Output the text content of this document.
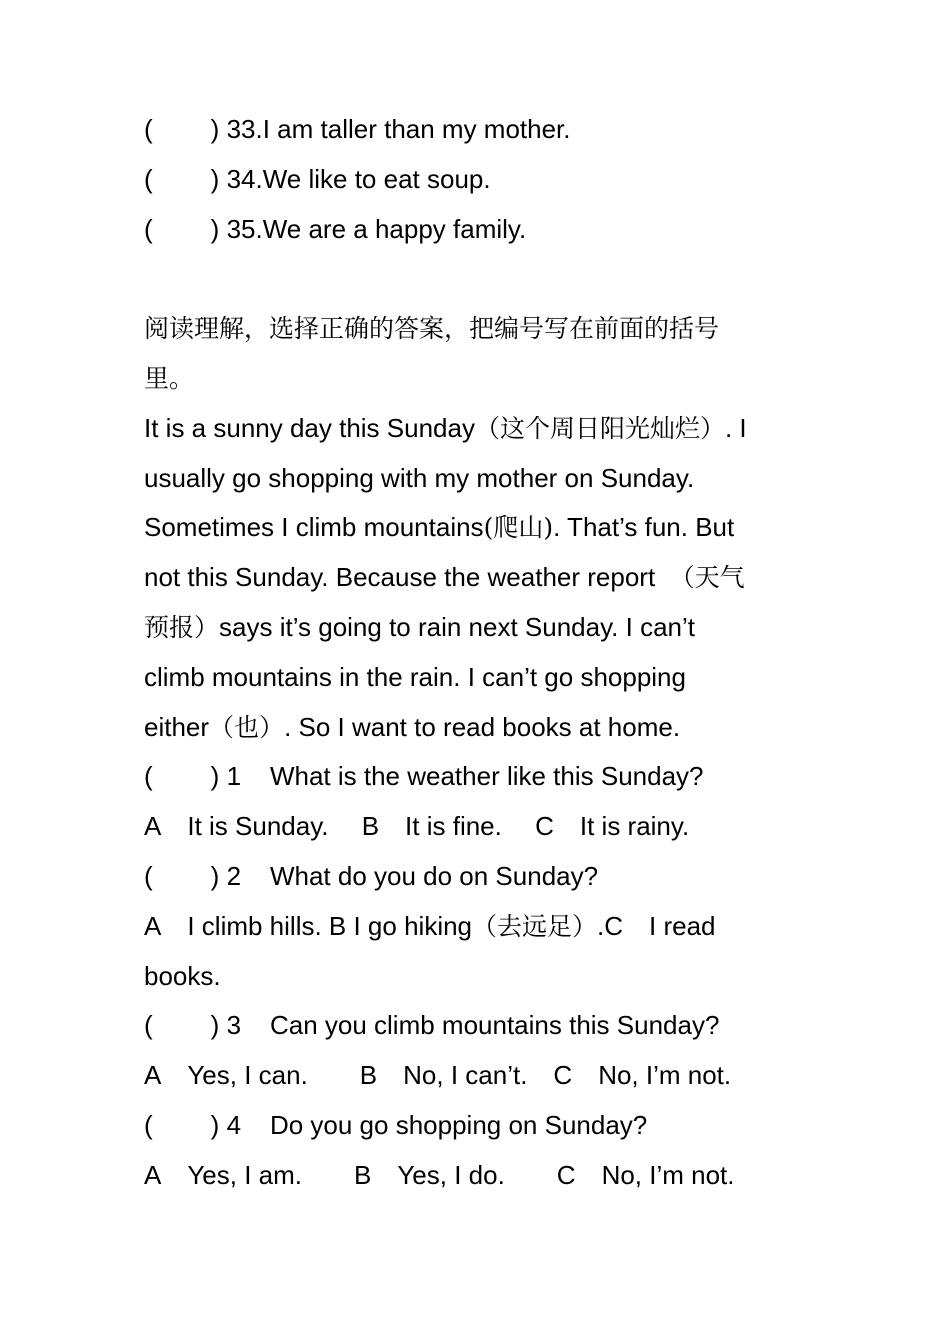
( ) 33.I am taller than my mother.
( ) 34.We like to eat soup.
( ) 35.We are a happy family.
阅读理解，选择正确的答案，把编号写在前面的括号
里。
It is a sunny day this Sunday（这个周日阳光灿烂）. I
usually go shopping with my mother on Sunday.
Sometimes I climb mountains(爬山). That’s fun. But
not this Sunday. Because the weather report （天气
预报）says it’s going to rain next Sunday. I can’t
climb mountains in the rain. I can’t go shopping
either（也）. So I want to read books at home.
( ) 1 What is the weather like this Sunday?
A It is Sunday.  B It is fine.  C It is rainy.
( ) 2 What do you do on Sunday?
A I climb hills. B I go hiking（去远足）.C I read
books.
( ) 3 Can you climb mountains this Sunday?
A Yes, I can.  B No, I can’t. C No, I’m not.
( ) 4 Do you go shopping on Sunday?
A Yes, I am.  B Yes, I do.  C No, I’m not.
